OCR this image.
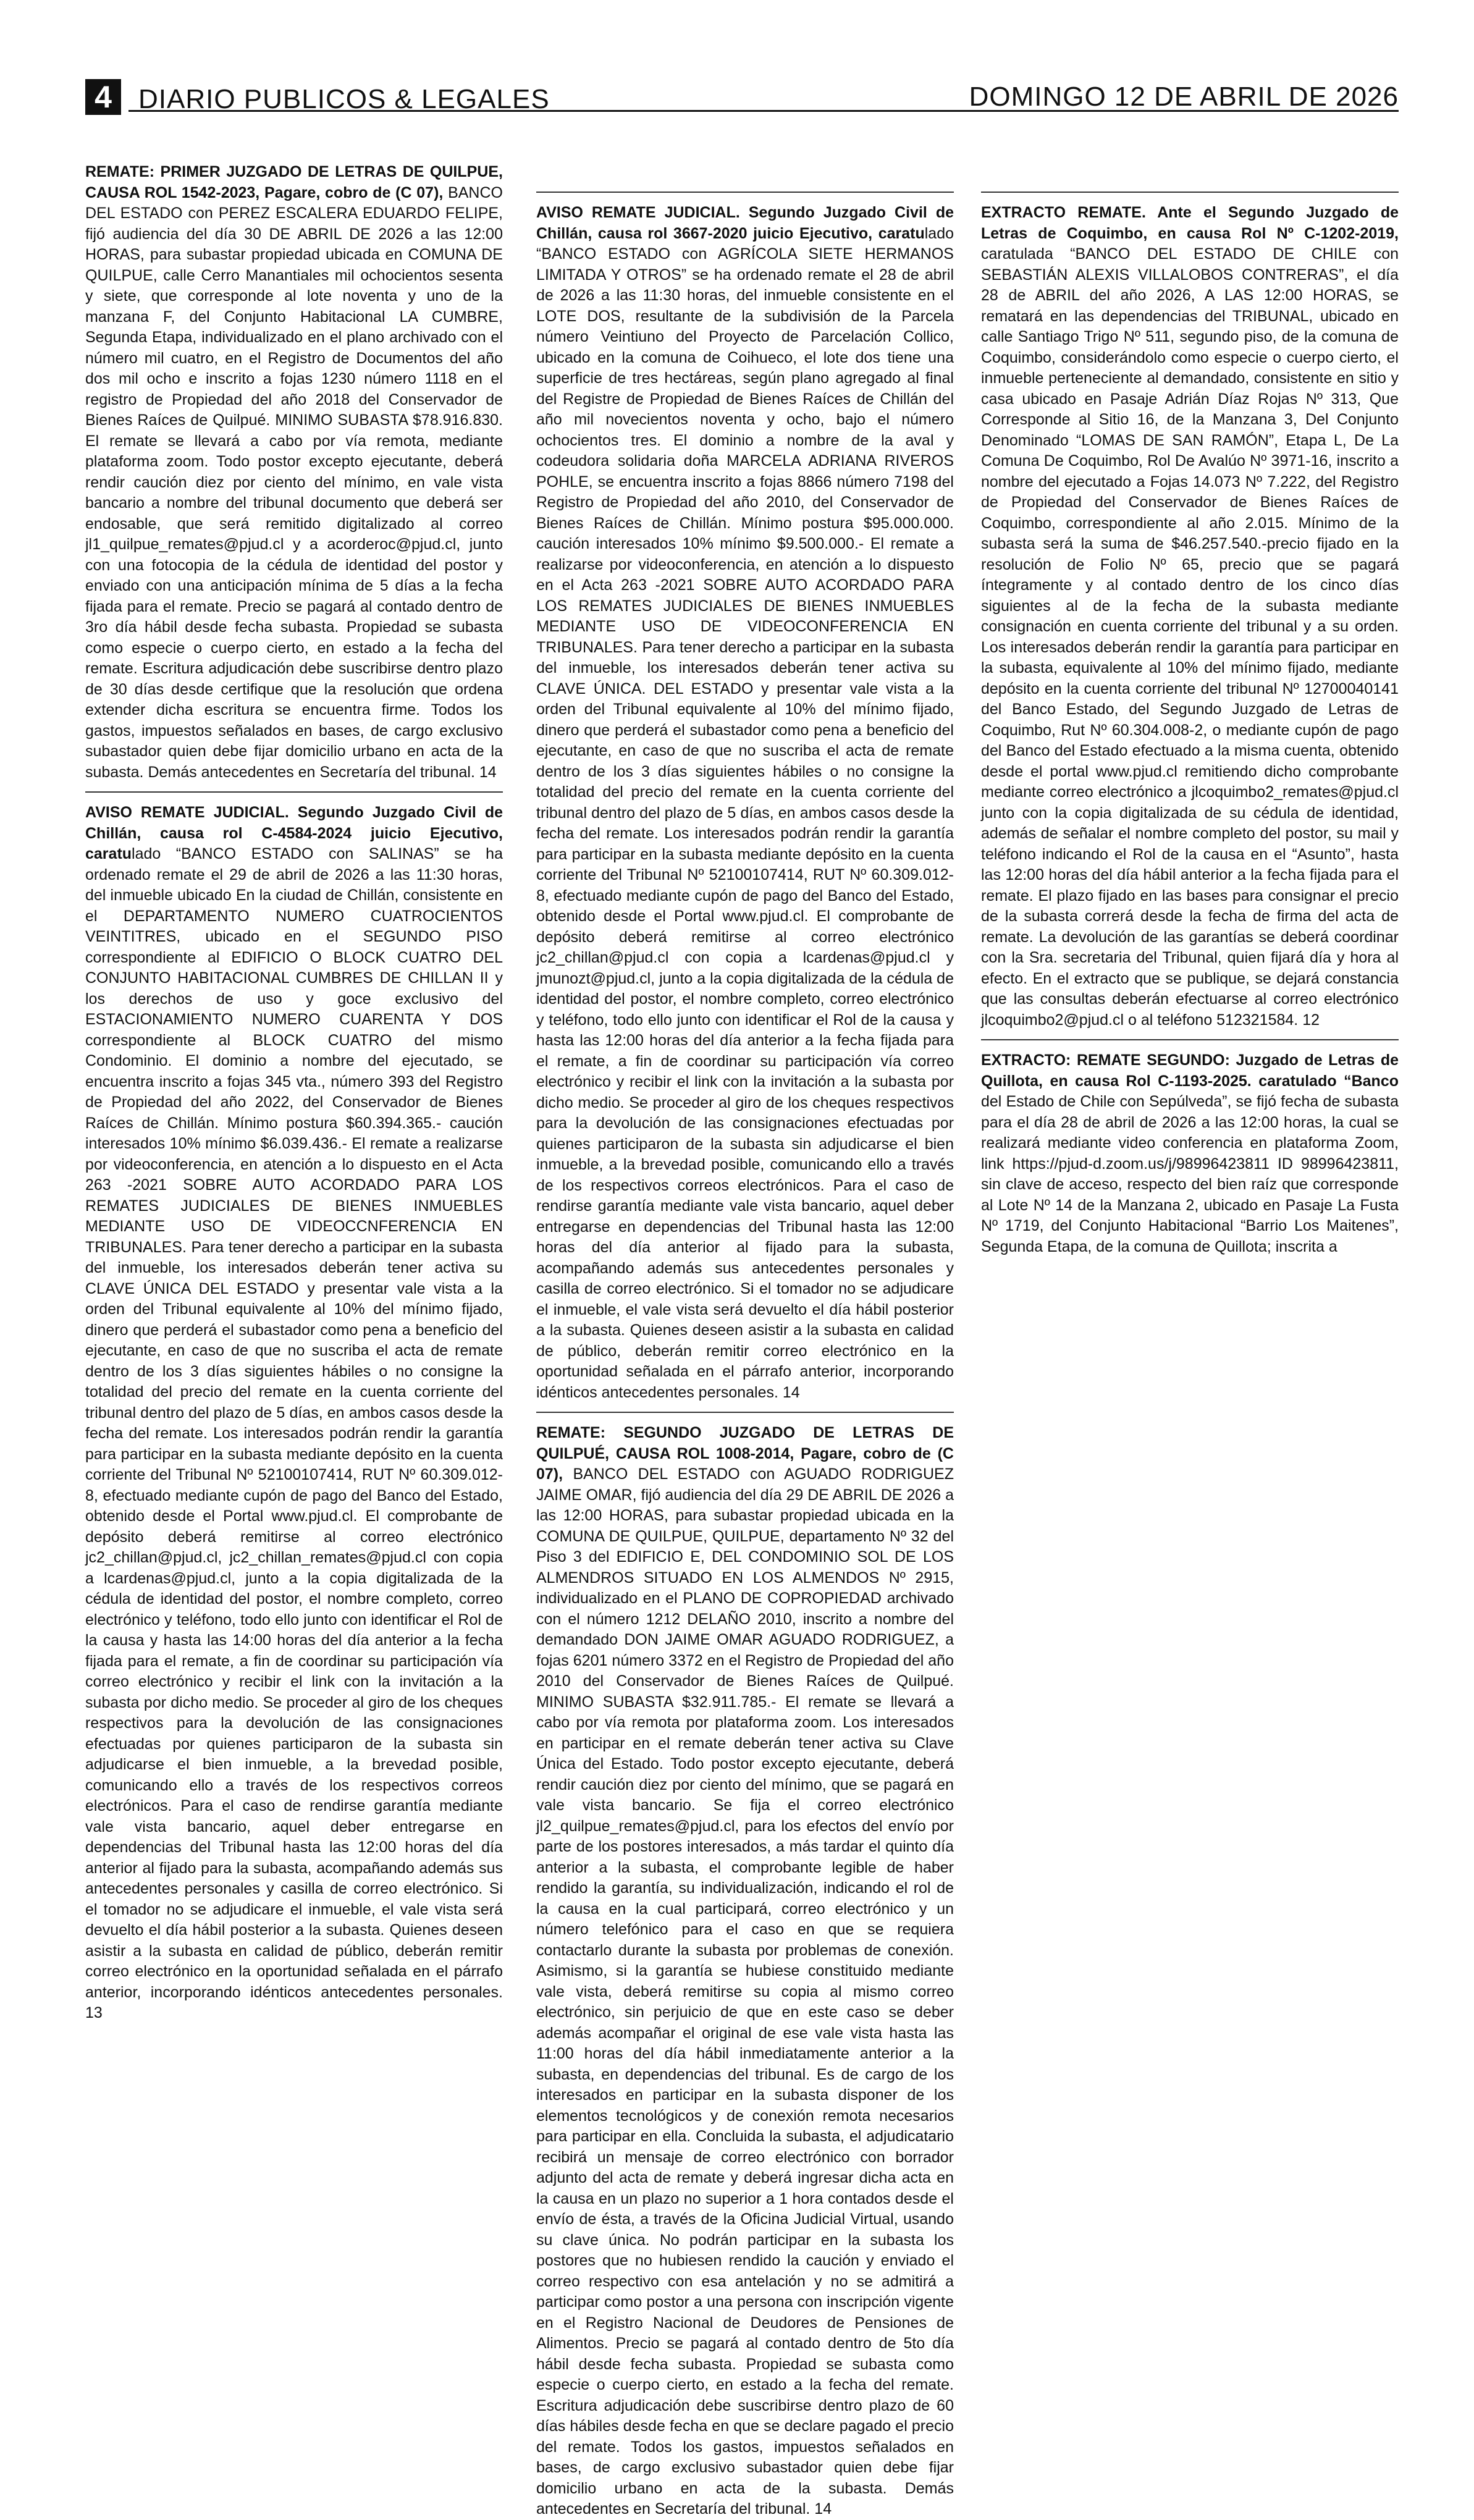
4 DIARIO PUBLICOS & LEGALES	DOMINGO 12 DE ABRIL DE 2026

REMATE: PRIMER JUZGADO DE LETRAS DE QUILPUE, CAUSA ROL 1542-2023, Pagare, cobro de (C 07), BANCO DEL ESTADO con PEREZ ESCALERA EDUARDO FELIPE, fijó audiencia del día 30 DE ABRIL DE 2026 a las 12:00 HORAS, para subastar propiedad ubicada en COMUNA DE QUILPUE, calle Cerro Manantiales mil ochocientos sesenta y siete, que corresponde al lote noventa y uno de la manzana F, del Conjunto Habitacional LA CUMBRE, Segunda Etapa, individualizado en el plano archivado con el número mil cuatro, en el Registro de Documentos del año dos mil ocho e inscrito a fojas 1230 número 1118 en el registro de Propiedad del año 2018 del Conservador de Bienes Raíces de Quilpué. MINIMO SUBASTA $78.916.830. El remate se llevará a cabo por vía remota, mediante plataforma zoom. Todo postor excepto ejecutante, deberá rendir caución diez por ciento del mínimo, en vale vista bancario a nombre del tribunal documento que deberá ser endosable, que será remitido digitalizado al correo jl1_quilpue_remates@pjud.cl y a acorderoc@pjud.cl, junto con una fotocopia de la cédula de identidad del postor y enviado con una anticipación mínima de 5 días a la fecha fijada para el remate. Precio se pagará al contado dentro de 3ro día hábil desde fecha subasta. Propiedad se subasta como especie o cuerpo cierto, en estado a la fecha del remate. Escritura adjudicación debe suscribirse dentro plazo de 30 días desde certifique que la resolución que ordena extender dicha escritura se encuentra firme. Todos los gastos, impuestos señalados en bases, de cargo exclusivo subastador quien debe fijar domicilio urbano en acta de la subasta. Demás antecedentes en Secretaría del tribunal. 14

AVISO REMATE JUDICIAL. Segundo Juzgado Civil de Chillán, causa rol C-4584-2024 juicio Ejecutivo, caratulado “BANCO ESTADO con SALINAS” se ha ordenado remate el 29 de abril de 2026 a las 11:30 horas, del inmueble ubicado En la ciudad de Chillán, consistente en el DEPARTAMENTO NUMERO CUATROCIENTOS VEINTITRES, ubicado en el SEGUNDO PISO correspondiente al EDIFICIO O BLOCK CUATRO DEL CONJUNTO HABITACIONAL CUMBRES DE CHILLAN II y los derechos de uso y goce exclusivo del ESTACIONAMIENTO NUMERO CUARENTA Y DOS correspondiente al BLOCK CUATRO del mismo Condominio. El dominio a nombre del ejecutado, se encuentra inscrito a fojas 345 vta., número 393 del Registro de Propiedad del año 2022, del Conservador de Bienes Raíces de Chillán. Mínimo postura $60.394.365.- caución interesados 10% mínimo $6.039.436.- El remate a realizarse por videoconferencia, en atención a lo dispuesto en el Acta 263 -2021 SOBRE AUTO ACORDADO PARA LOS REMATES JUDICIALES DE BIENES INMUEBLES MEDIANTE USO DE VIDEOCCNFERENCIA EN TRIBUNALES. Para tener derecho a participar en la subasta del inmueble, los interesados deberán tener activa su CLAVE ÚNICA DEL ESTADO y presentar vale vista a la orden del Tribunal equivalente al 10% del mínimo fijado, dinero que perderá el subastador como pena a beneficio del ejecutante, en caso de que no suscriba el acta de remate dentro de los 3 días siguientes hábiles o no consigne la totalidad del precio del remate en la cuenta corriente del tribunal dentro del plazo de 5 días, en ambos casos desde la fecha del remate. Los interesados podrán rendir la garantía para participar en la subasta mediante depósito en la cuenta corriente del Tribunal Nº 52100107414, RUT Nº 60.309.012-8, efectuado mediante cupón de pago del Banco del Estado, obtenido desde el Portal www.pjud.cl. El comprobante de depósito deberá remitirse al correo electrónico jc2_chillan@pjud.cl, jc2_chillan_remates@pjud.cl con copia a lcardenas@pjud.cl, junto a la copia digitalizada de la cédula de identidad del postor, el nombre completo, correo electrónico y teléfono, todo ello junto con identificar el Rol de la causa y hasta las 14:00 horas del día anterior a la fecha fijada para el remate, a fin de coordinar su participación vía correo electrónico y recibir el link con la invitación a la subasta por dicho medio. Se proceder al giro de los cheques respectivos para la devolución de las consignaciones efectuadas por quienes participaron de la subasta sin adjudicarse el bien inmueble, a la brevedad posible, comunicando ello a través de los respectivos correos electrónicos. Para el caso de rendirse garantía mediante vale vista bancario, aquel deber entregarse en dependencias del Tribunal hasta las 12:00 horas del día anterior al fijado para la subasta, acompañando además sus antecedentes personales y casilla de correo electrónico. Si el tomador no se adjudicare el inmueble, el vale vista será devuelto el día hábil posterior a la subasta. Quienes deseen asistir a la subasta en calidad de público, deberán remitir correo electrónico en la oportunidad señalada en el párrafo anterior, incorporando idénticos antecedentes personales. 13

AVISO REMATE JUDICIAL. Segundo Juzgado Civil de Chillán, causa rol 3667-2020 juicio Ejecutivo, caratulado “BANCO ESTADO con AGRÍCOLA SIETE HERMANOS LIMITADA Y OTROS” se ha ordenado remate el 28 de abril de 2026 a las 11:30 horas, del inmueble consistente en el LOTE DOS, resultante de la subdivisión de la Parcela número Veintiuno del Proyecto de Parcelación Collico, ubicado en la comuna de Coihueco, el lote dos tiene una superficie de tres hectáreas, según plano agregado al final del Registre de Propiedad de Bienes Raíces de Chillán del año mil novecientos noventa y ocho, bajo el número ochocientos tres. El dominio a nombre de la aval y codeudora solidaria doña MARCELA ADRIANA RIVEROS POHLE, se encuentra inscrito a fojas 8866 número 7198 del Registro de Propiedad del año 2010, del Conservador de Bienes Raíces de Chillán. Mínimo postura $95.000.000. caución interesados 10% mínimo $9.500.000.- El remate a realizarse por videoconferencia, en atención a lo dispuesto en el Acta 263 -2021 SOBRE AUTO ACORDADO PARA LOS REMATES JUDICIALES DE BIENES INMUEBLES MEDIANTE USO DE VIDEOCONFERENCIA EN TRIBUNALES. Para tener derecho a participar en la subasta del inmueble, los interesados deberán tener activa su CLAVE ÚNICA. DEL ESTADO y presentar vale vista a la orden del Tribunal equivalente al 10% del mínimo fijado, dinero que perderá el subastador como pena a beneficio del ejecutante, en caso de que no suscriba el acta de remate dentro de los 3 días siguientes hábiles o no consigne la totalidad del precio del remate en la cuenta corriente del tribunal dentro del plazo de 5 días, en ambos casos desde la fecha del remate. Los interesados podrán rendir la garantía para participar en la subasta mediante depósito en la cuenta corriente del Tribunal Nº 52100107414, RUT Nº 60.309.012-8, efectuado mediante cupón de pago del Banco del Estado, obtenido desde el Portal www.pjud.cl. El comprobante de depósito deberá remitirse al correo electrónico jc2_chillan@pjud.cl con copia a lcardenas@pjud.cl y jmunozt@pjud.cl, junto a la copia digitalizada de la cédula de identidad del postor, el nombre completo, correo electrónico y teléfono, todo ello junto con identificar el Rol de la causa y hasta las 12:00 horas del día anterior a la fecha fijada para el remate, a fin de coordinar su participación vía correo electrónico y recibir el link con la invitación a la subasta por dicho medio. Se proceder al giro de los cheques respectivos para la devolución de las consignaciones efectuadas por quienes participaron de la subasta sin adjudicarse el bien inmueble, a la brevedad posible, comunicando ello a través de los respectivos correos electrónicos. Para el caso de rendirse garantía mediante vale vista bancario, aquel deber entregarse en dependencias del Tribunal hasta las 12:00 horas del día anterior al fijado para la subasta, acompañando además sus antecedentes personales y casilla de correo electrónico. Si el tomador no se adjudicare el inmueble, el vale vista será devuelto el día hábil posterior a la subasta. Quienes deseen asistir a la subasta en calidad de público, deberán remitir correo electrónico en la oportunidad señalada en el párrafo anterior, incorporando idénticos antecedentes personales. 14

REMATE: SEGUNDO JUZGADO DE LETRAS DE QUILPUÉ, CAUSA ROL 1008-2014, Pagare, cobro de (C 07), BANCO DEL ESTADO con AGUADO RODRIGUEZ JAIME OMAR, fijó audiencia del día 29 DE ABRIL DE 2026 a las 12:00 HORAS, para subastar propiedad ubicada en la COMUNA DE QUILPUE, QUILPUE, departamento Nº 32 del Piso 3 del EDIFICIO E, DEL CONDOMINIO SOL DE LOS ALMENDROS SITUADO EN LOS ALMENDOS Nº 2915, individualizado en el PLANO DE COPROPIEDAD archivado con el número 1212 DELAÑO 2010, inscrito a nombre del demandado DON JAIME OMAR AGUADO RODRIGUEZ, a fojas 6201 número 3372 en el Registro de Propiedad del año 2010 del Conservador de Bienes Raíces de Quilpué. MINIMO SUBASTA $32.911.785.- El remate se llevará a cabo por vía remota por plataforma zoom. Los interesados en participar en el remate deberán tener activa su Clave Única del Estado. Todo postor excepto ejecutante, deberá rendir caución diez por ciento del mínimo, que se pagará en vale vista bancario. Se fija el correo electrónico jl2_quilpue_remates@pjud.cl, para los efectos del envío por parte de los postores interesados, a más tardar el quinto día anterior a la subasta, el comprobante legible de haber rendido la garantía, su individualización, indicando el rol de la causa en la cual participará, correo electrónico y un número telefónico para el caso en que se requiera contactarlo durante la subasta por problemas de conexión. Asimismo, si la garantía se hubiese constituido mediante vale vista, deberá remitirse su copia al mismo correo electrónico, sin perjuicio de que en este caso se deber además acompañar el original de ese vale vista hasta las 11:00 horas del día hábil inmediatamente anterior a la subasta, en dependencias del tribunal. Es de cargo de los interesados en participar en la subasta disponer de los elementos tecnológicos y de conexión remota necesarios para participar en ella. Concluida la subasta, el adjudicatario recibirá un mensaje de correo electrónico con borrador adjunto del acta de remate y deberá ingresar dicha acta en la causa en un plazo no superior a 1 hora contados desde el envío de ésta, a través de la Oficina Judicial Virtual, usando su clave única. No podrán participar en la subasta los postores que no hubiesen rendido la caución y enviado el correo respectivo con esa antelación y no se admitirá a participar como postor a una persona con inscripción vigente en el Registro Nacional de Deudores de Pensiones de Alimentos. Precio se pagará al contado dentro de 5to día hábil desde fecha subasta. Propiedad se subasta como especie o cuerpo cierto, en estado a la fecha del remate. Escritura adjudicación debe suscribirse dentro plazo de 60 días hábiles desde fecha en que se declare pagado el precio del remate. Todos los gastos, impuestos señalados en bases, de cargo exclusivo subastador quien debe fijar domicilio urbano en acta de la subasta. Demás antecedentes en Secretaría del tribunal. 14

EXTRACTO REMATE. Ante el Segundo Juzgado de Letras de Coquimbo, en causa Rol Nº C-1202-2019, caratulada “BANCO DEL ESTADO DE CHILE con SEBASTIÁN ALEXIS VILLALOBOS CONTRERAS”, el día 28 de ABRIL del año 2026, A LAS 12:00 HORAS, se rematará en las dependencias del TRIBUNAL, ubicado en calle Santiago Trigo Nº 511, segundo piso, de la comuna de Coquimbo, considerándolo como especie o cuerpo cierto, el inmueble perteneciente al demandado, consistente en sitio y casa ubicado en Pasaje Adrián Díaz Rojas Nº 313, Que Corresponde al Sitio 16, de la Manzana 3, Del Conjunto Denominado “LOMAS DE SAN RAMÓN”, Etapa L, De La Comuna De Coquimbo, Rol De Avalúo Nº 3971-16, inscrito a nombre del ejecutado a Fojas 14.073 Nº 7.222, del Registro de Propiedad del Conservador de Bienes Raíces de Coquimbo, correspondiente al año 2.015. Mínimo de la subasta será la suma de $46.257.540.-precio fijado en la resolución de Folio Nº 65, precio que se pagará íntegramente y al contado dentro de los cinco días siguientes al de la fecha de la subasta mediante consignación en cuenta corriente del tribunal y a su orden. Los interesados deberán rendir la garantía para participar en la subasta, equivalente al 10% del mínimo fijado, mediante depósito en la cuenta corriente del tribunal Nº 12700040141 del Banco Estado, del Segundo Juzgado de Letras de Coquimbo, Rut Nº 60.304.008-2, o mediante cupón de pago del Banco del Estado efectuado a la misma cuenta, obtenido desde el portal www.pjud.cl remitiendo dicho comprobante mediante correo electrónico a jlcoquimbo2_remates@pjud.cl junto con la copia digitalizada de su cédula de identidad, además de señalar el nombre completo del postor, su mail y teléfono indicando el Rol de la causa en el “Asunto”, hasta las 12:00 horas del día hábil anterior a la fecha fijada para el remate. El plazo fijado en las bases para consignar el precio de la subasta correrá desde la fecha de firma del acta de remate. La devolución de las garantías se deberá coordinar con la Sra. secretaria del Tribunal, quien fijará día y hora al efecto. En el extracto que se publique, se dejará constancia que las consultas deberán efectuarse al correo electrónico jlcoquimbo2@pjud.cl o al teléfono 512321584. 12

EXTRACTO: REMATE SEGUNDO: Juzgado de Letras de Quillota, en causa Rol C-1193-2025. caratulado “Banco del Estado de Chile con Sepúlveda”, se fijó fecha de subasta para el día 28 de abril de 2026 a las 12:00 horas, la cual se realizará mediante video conferencia en plataforma Zoom, link https://pjud-d.zoom.us/j/98996423811 ID 98996423811, sin clave de acceso, respecto del bien raíz que corresponde al Lote Nº 14 de la Manzana 2, ubicado en Pasaje La Fusta Nº 1719, del Conjunto Habitacional “Barrio Los Maitenes”, Segunda Etapa, de la comuna de Quillota; inscrita a
